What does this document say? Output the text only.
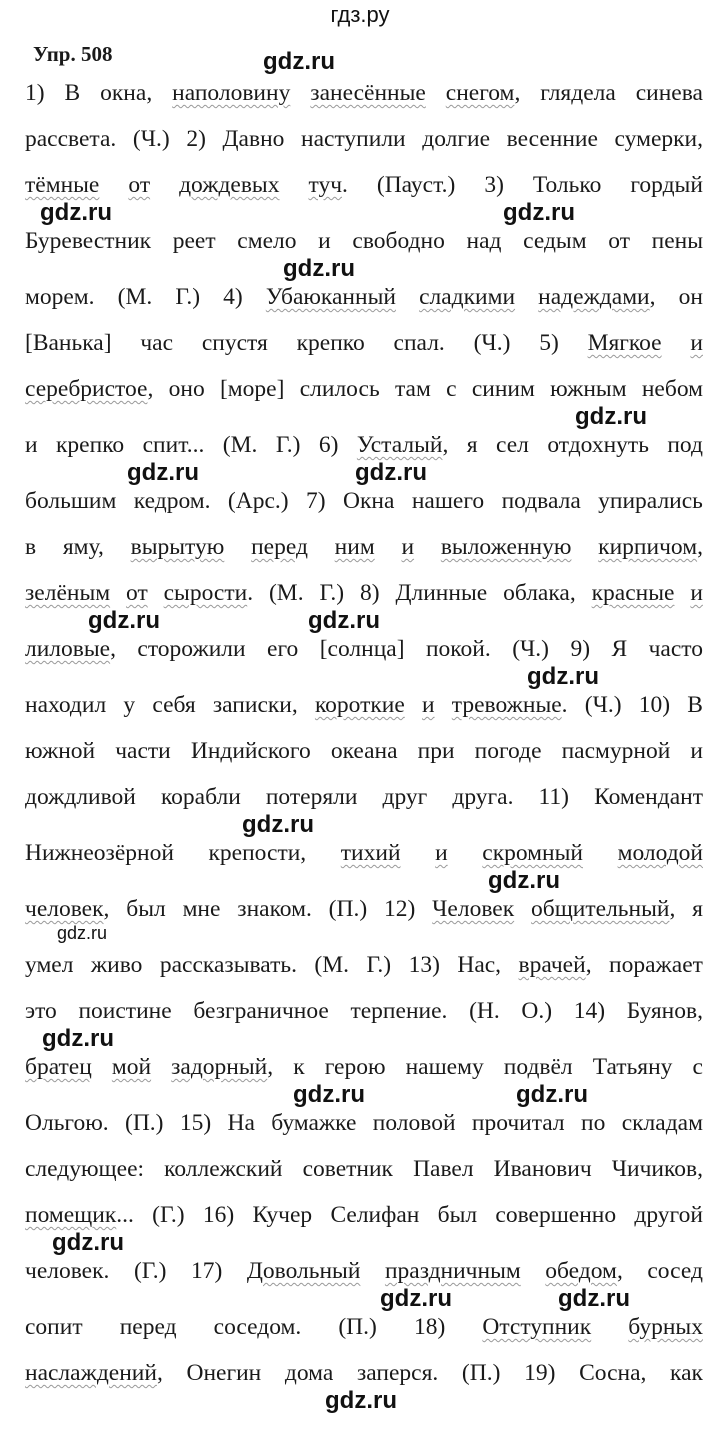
гдз.ру
Упр. 508
1) В окна, наполовину занесённые снегом, глядела синева
рассвета. (Ч.) 2) Давно наступили долгие весенние сумерки,
тёмные от дождевых туч. (Пауст.) 3) Только гордый
Буревестник реет смело и свободно над седым от пены
морем. (М. Г.) 4) Убаюканный сладкими надеждами, он
[Ванька] час спустя крепко спал. (Ч.) 5) Мягкое и
серебристое, оно [море] слилось там с синим южным небом
и крепко спит... (М. Г.) 6) Усталый, я сел отдохнуть под
большим кедром. (Арс.) 7) Окна нашего подвала упирались
в яму, вырытую перед ним и выложенную кирпичом,
зелёным от сырости. (М. Г.) 8) Длинные облака, красные и
лиловые, сторожили его [солнца] покой. (Ч.) 9) Я часто
находил у себя записки, короткие и тревожные. (Ч.) 10) В
южной части Индийского океана при погоде пасмурной и
дождливой корабли потеряли друг друга. 11) Комендант
Нижнеозёрной крепости, тихий и скромный молодой
человек, был мне знаком. (П.) 12) Человек общительный, я
умел живо рассказывать. (М. Г.) 13) Нас, врачей, поражает
это поистине безграничное терпение. (Н. О.) 14) Буянов,
братец мой задорный, к герою нашему подвёл Татьяну с
Ольгою. (П.) 15) На бумажке половой прочитал по складам
следующее: коллежский советник Павел Иванович Чичиков,
помещик... (Г.) 16) Кучер Селифан был совершенно другой
человек. (Г.) 17) Довольный праздничным обедом, сосед
сопит перед соседом. (П.) 18) Отступник бурных
наслаждений, Онегин дома заперся. (П.) 19) Сосна, как
gdz.ru
gdz.ru	gdz.ru
gdz.ru
gdz.ru
gdz.ru	gdz.ru
gdz.ru	gdz.ru
gdz.ru
gdz.ru
gdz.ru
gdz.ru
gdz.ru
gdz.ru	gdz.ru
gdz.ru
gdz.ru	gdz.ru
gdz.ru
